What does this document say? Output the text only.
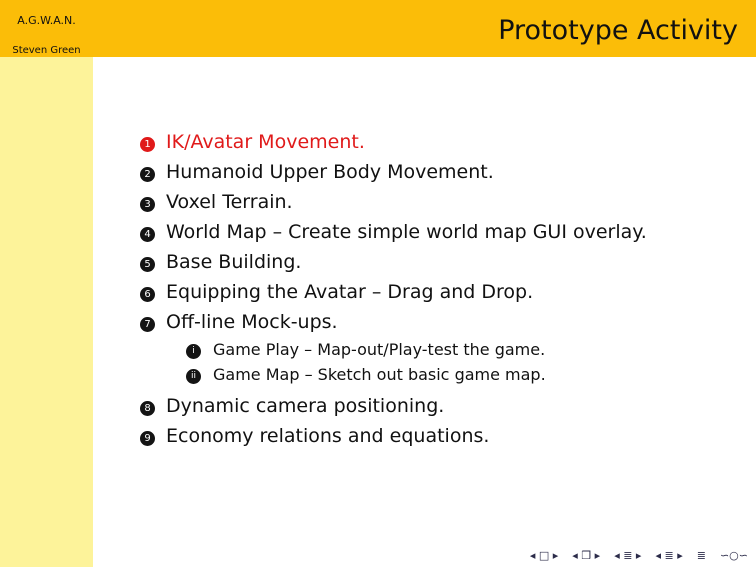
A.G.W.A.N.
Steven Green
Prototype Activity
1 IK/Avatar Movement.
2 Humanoid Upper Body Movement.
3 Voxel Terrain.
4 World Map – Create simple world map GUI overlay.
5 Base Building.
6 Equipping the Avatar – Drag and Drop.
7 Off-line Mock-ups.
i	Game Play – Map-out/Play-test the game.
ii	Game Map – Sketch out basic game map.
8 Dynamic camera positioning.
9 Economy relations and equations.
◂ □ ▸ ◂ ❒ ▸ ◂ ≣ ▸ ◂ ≣ ▸ ≣ ∽○∽
